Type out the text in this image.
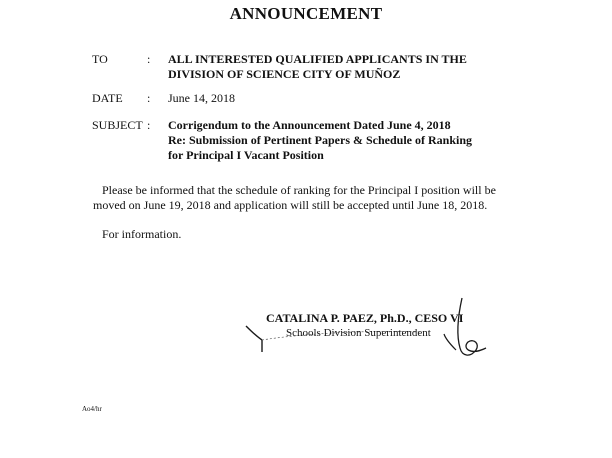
ANNOUNCEMENT
TO	: ALL INTERESTED QUALIFIED APPLICANTS IN THE
DIVISION OF SCIENCE CITY OF MUÑOZ
DATE : June 14, 2018
SUBJECT : Corrigendum to the Announcement Dated June 4, 2018
Re: Submission of Pertinent Papers & Schedule of Ranking
for Principal I Vacant Position
Please be informed that the schedule of ranking for the Principal I position will be
moved on June 19, 2018 and application will still be accepted until June 18, 2018.
For information.
CATALINA P. PAEZ, Ph.D., CESO VI
Schools Division Superintendent
Ao4/hr
